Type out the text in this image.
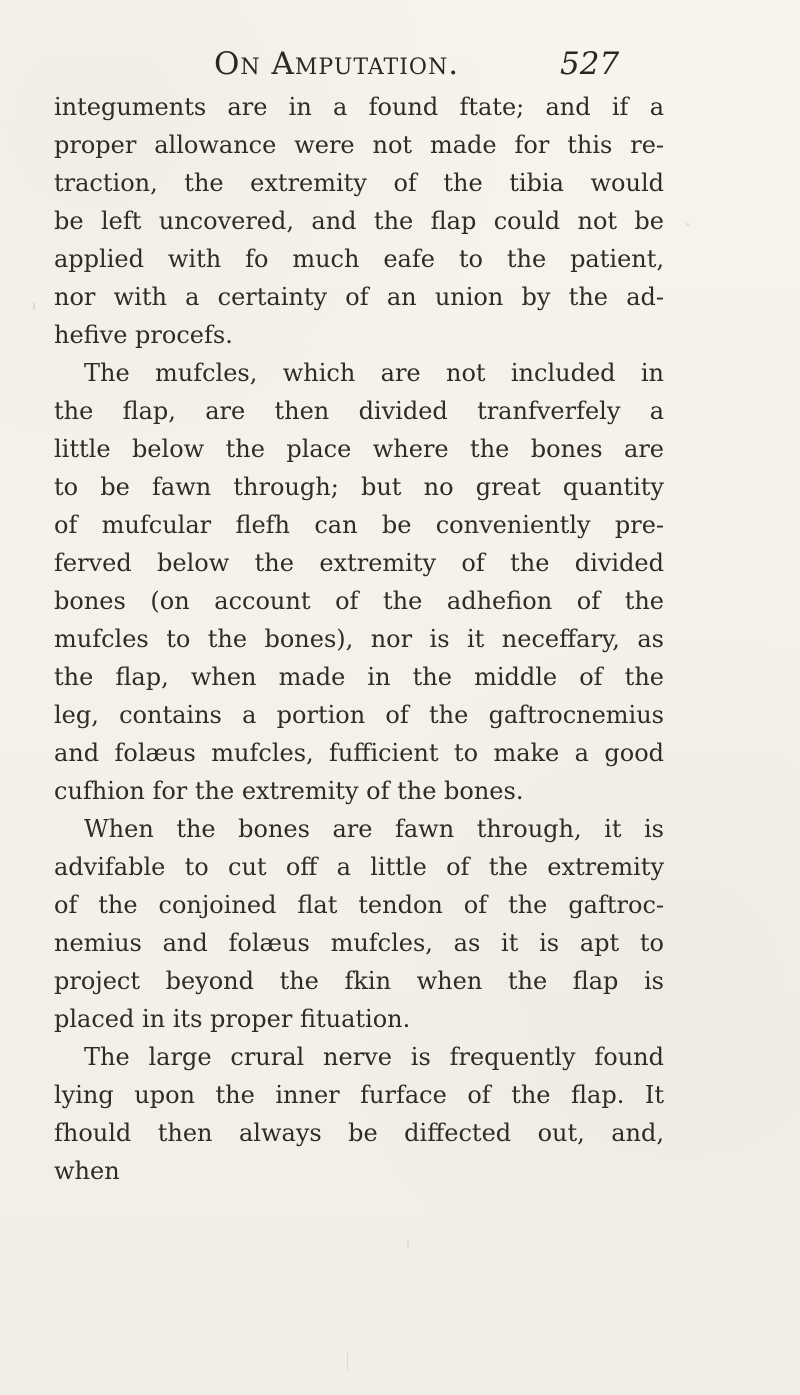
On Amputation.	527
integuments are in a found ftate; and if a
proper allowance were not made for this re-
traction, the extremity of the tibia would
be left uncovered, and the flap could not be
applied with fo much eafe to the patient,
nor with a certainty of an union by the ad-
hefive procefs.
The mufcles, which are not included in
the flap, are then divided tranfverfely a
little below the place where the bones are
to be fawn through; but no great quantity
of mufcular flefh can be conveniently pre-
ferved below the extremity of the divided
bones (on account of the adhefion of the
mufcles to the bones), nor is it neceffary, as
the flap, when made in the middle of the
leg, contains a portion of the gaftrocnemius
and folæus mufcles, fufficient to make a good
cufhion for the extremity of the bones.
When the bones are fawn through, it is
advifable to cut off a little of the extremity
of the conjoined flat tendon of the gaftroc-
nemius and folæus mufcles, as it is apt to
project beyond the fkin when the flap is
placed in its proper fituation.
The large crural nerve is frequently found
lying upon the inner furface of the flap. It
fhould then always be diffected out, and,
when
